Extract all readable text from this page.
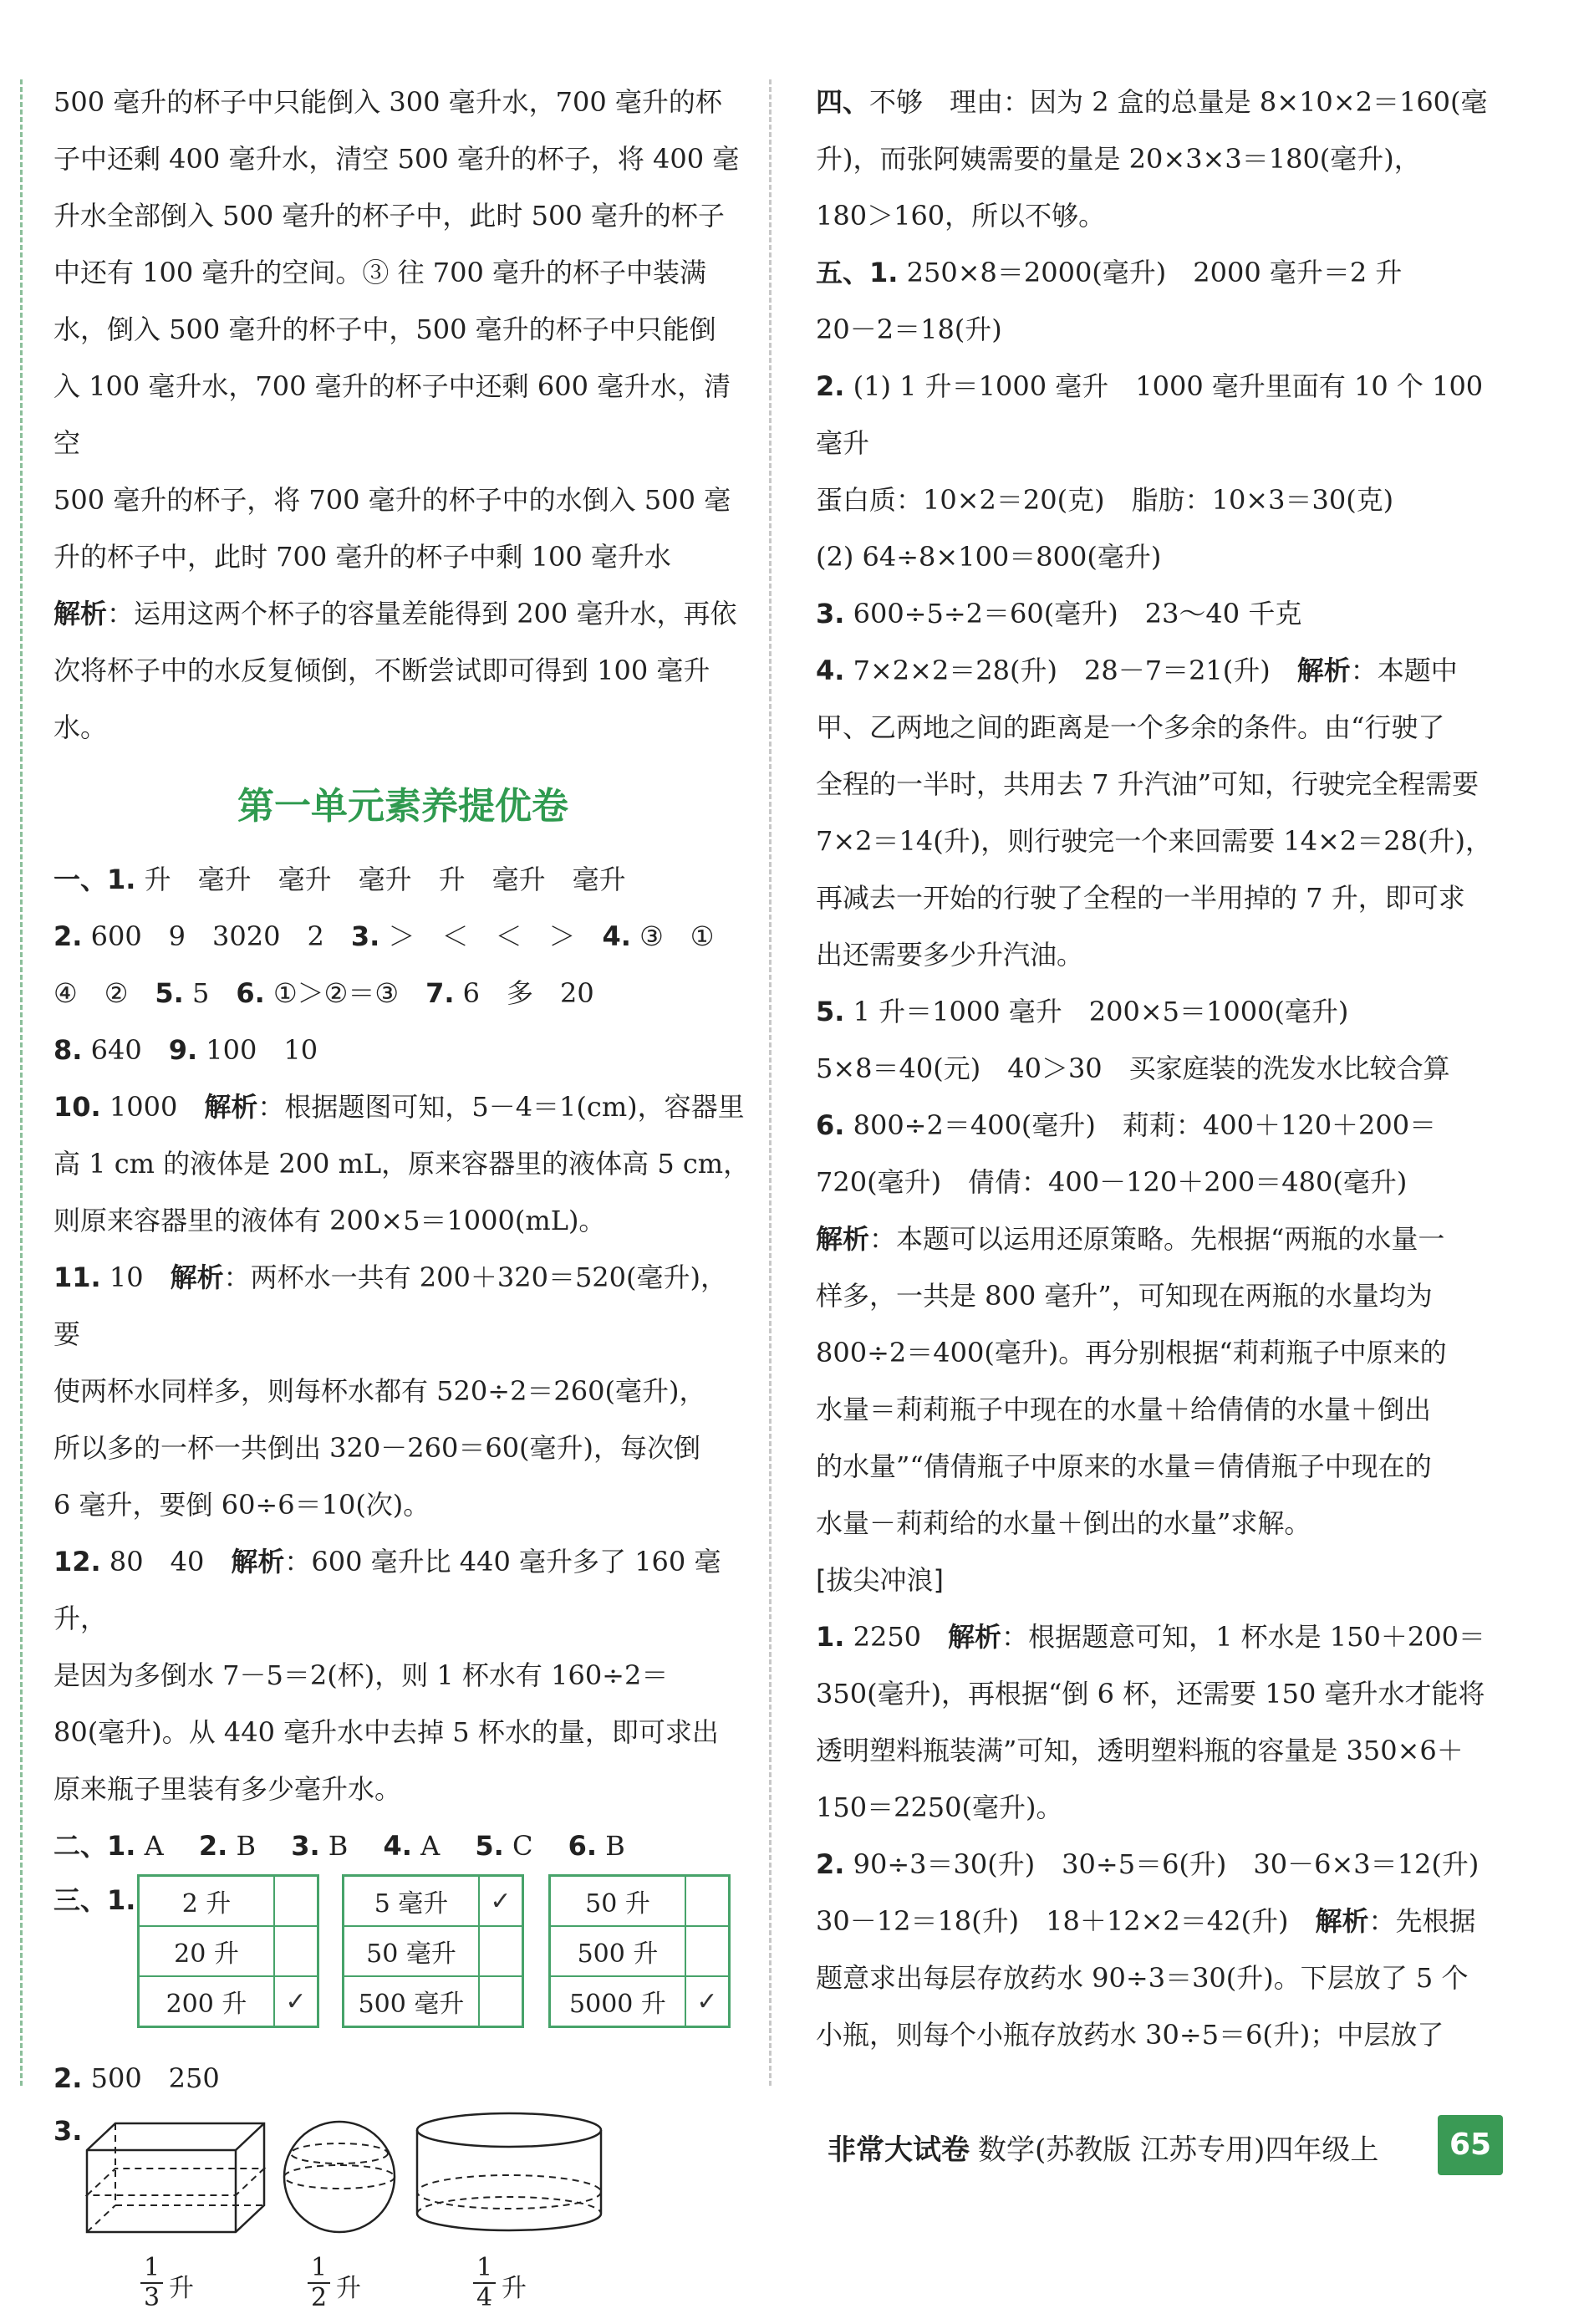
500 毫升的杯子中只能倒入 300 毫升水，700 毫升的杯

子中还剩 400 毫升水，清空 500 毫升的杯子，将 400 毫

升水全部倒入 500 毫升的杯子中，此时 500 毫升的杯子

中还有 100 毫升的空间。③ 往 700 毫升的杯子中装满

水，倒入 500 毫升的杯子中，500 毫升的杯子中只能倒

入 100 毫升水，700 毫升的杯子中还剩 600 毫升水，清空

500 毫升的杯子，将 700 毫升的杯子中的水倒入 500 毫

升的杯子中，此时 700 毫升的杯子中剩 100 毫升水

解析：运用这两个杯子的容量差能得到 200 毫升水，再依

次将杯子中的水反复倾倒，不断尝试即可得到 100 毫升水。

第一单元素养提优卷

一、1. 升　毫升　毫升　毫升　升　毫升　毫升

2. 600　9　3020　2　 3. ＞　＜　＜　＞　 4. ③　①

④　②　 5. 5　 6. ①＞②＝③　 7. 6　多　20

8. 640　 9. 100　10

10. 1000　 解析：根据题图可知，5－4＝1(cm)，容器里

高 1 cm 的液体是 200 mL，原来容器里的液体高 5 cm，

则原来容器里的液体有 200×5＝1000(mL)。

11. 10　 解析：两杯水一共有 200＋320＝520(毫升)，要

使两杯水同样多，则每杯水都有 520÷2＝260(毫升)，

所以多的一杯一共倒出 320－260＝60(毫升)，每次倒

6 毫升，要倒 60÷6＝10(次)。

12. 80　40　 解析：600 毫升比 440 毫升多了 160 毫升，

是因为多倒水 7－5＝2(杯)，则 1 杯水有 160÷2＝

80(毫升)。从 440 毫升水中去掉 5 杯水的量，即可求出

原来瓶子里装有多少毫升水。

二、1. A　 2. B　 3. B　 4. A　 5. C　 6. B

三、1. 2 升	
20 升	
200 升	✓
5 毫升	✓
50 毫升	
500 毫升	
50 升	
500 升	
5000 升	✓

2. 500　250

3.
1
3 升
1
2 升
1
4 升

四、不够　理由：因为 2 盒的总量是 8×10×2＝160(毫

升)，而张阿姨需要的量是 20×3×3＝180(毫升)，

180＞160，所以不够。

五、1. 250×8＝2000(毫升)　2000 毫升＝2 升

20－2＝18(升)

2. (1) 1 升＝1000 毫升　1000 毫升里面有 10 个 100 毫升

蛋白质：10×2＝20(克)　脂肪：10×3＝30(克)

(2) 64÷8×100＝800(毫升)

3. 600÷5÷2＝60(毫升)　23～40 千克

4. 7×2×2＝28(升)　28－7＝21(升)　解析：本题中

甲、乙两地之间的距离是一个多余的条件。由“行驶了

全程的一半时，共用去 7 升汽油”可知，行驶完全程需要

7×2＝14(升)，则行驶完一个来回需要 14×2＝28(升)，

再减去一开始的行驶了全程的一半用掉的 7 升，即可求

出还需要多少升汽油。

5. 1 升＝1000 毫升　200×5＝1000(毫升)

5×8＝40(元)　40＞30　买家庭装的洗发水比较合算

6. 800÷2＝400(毫升)　莉莉：400＋120＋200＝

720(毫升)　倩倩：400－120＋200＝480(毫升)

解析：本题可以运用还原策略。先根据“两瓶的水量一

样多，一共是 800 毫升”，可知现在两瓶的水量均为

800÷2＝400(毫升)。再分别根据“莉莉瓶子中原来的

水量＝莉莉瓶子中现在的水量＋给倩倩的水量＋倒出

的水量”“倩倩瓶子中原来的水量＝倩倩瓶子中现在的

水量－莉莉给的水量＋倒出的水量”求解。

[拔尖冲浪]

1. 2250　解析：根据题意可知，1 杯水是 150＋200＝

350(毫升)，再根据“倒 6 杯，还需要 150 毫升水才能将

透明塑料瓶装满”可知，透明塑料瓶的容量是 350×6＋

150＝2250(毫升)。

2. 90÷3＝30(升)　30÷5＝6(升)　30－6×3＝12(升)

30－12＝18(升)　18＋12×2＝42(升)　解析：先根据

题意求出每层存放药水 90÷3＝30(升)。下层放了 5 个

小瓶，则每个小瓶存放药水 30÷5＝6(升)；中层放了

非常大试卷 数学(苏教版 江苏专用)四年级上	65
